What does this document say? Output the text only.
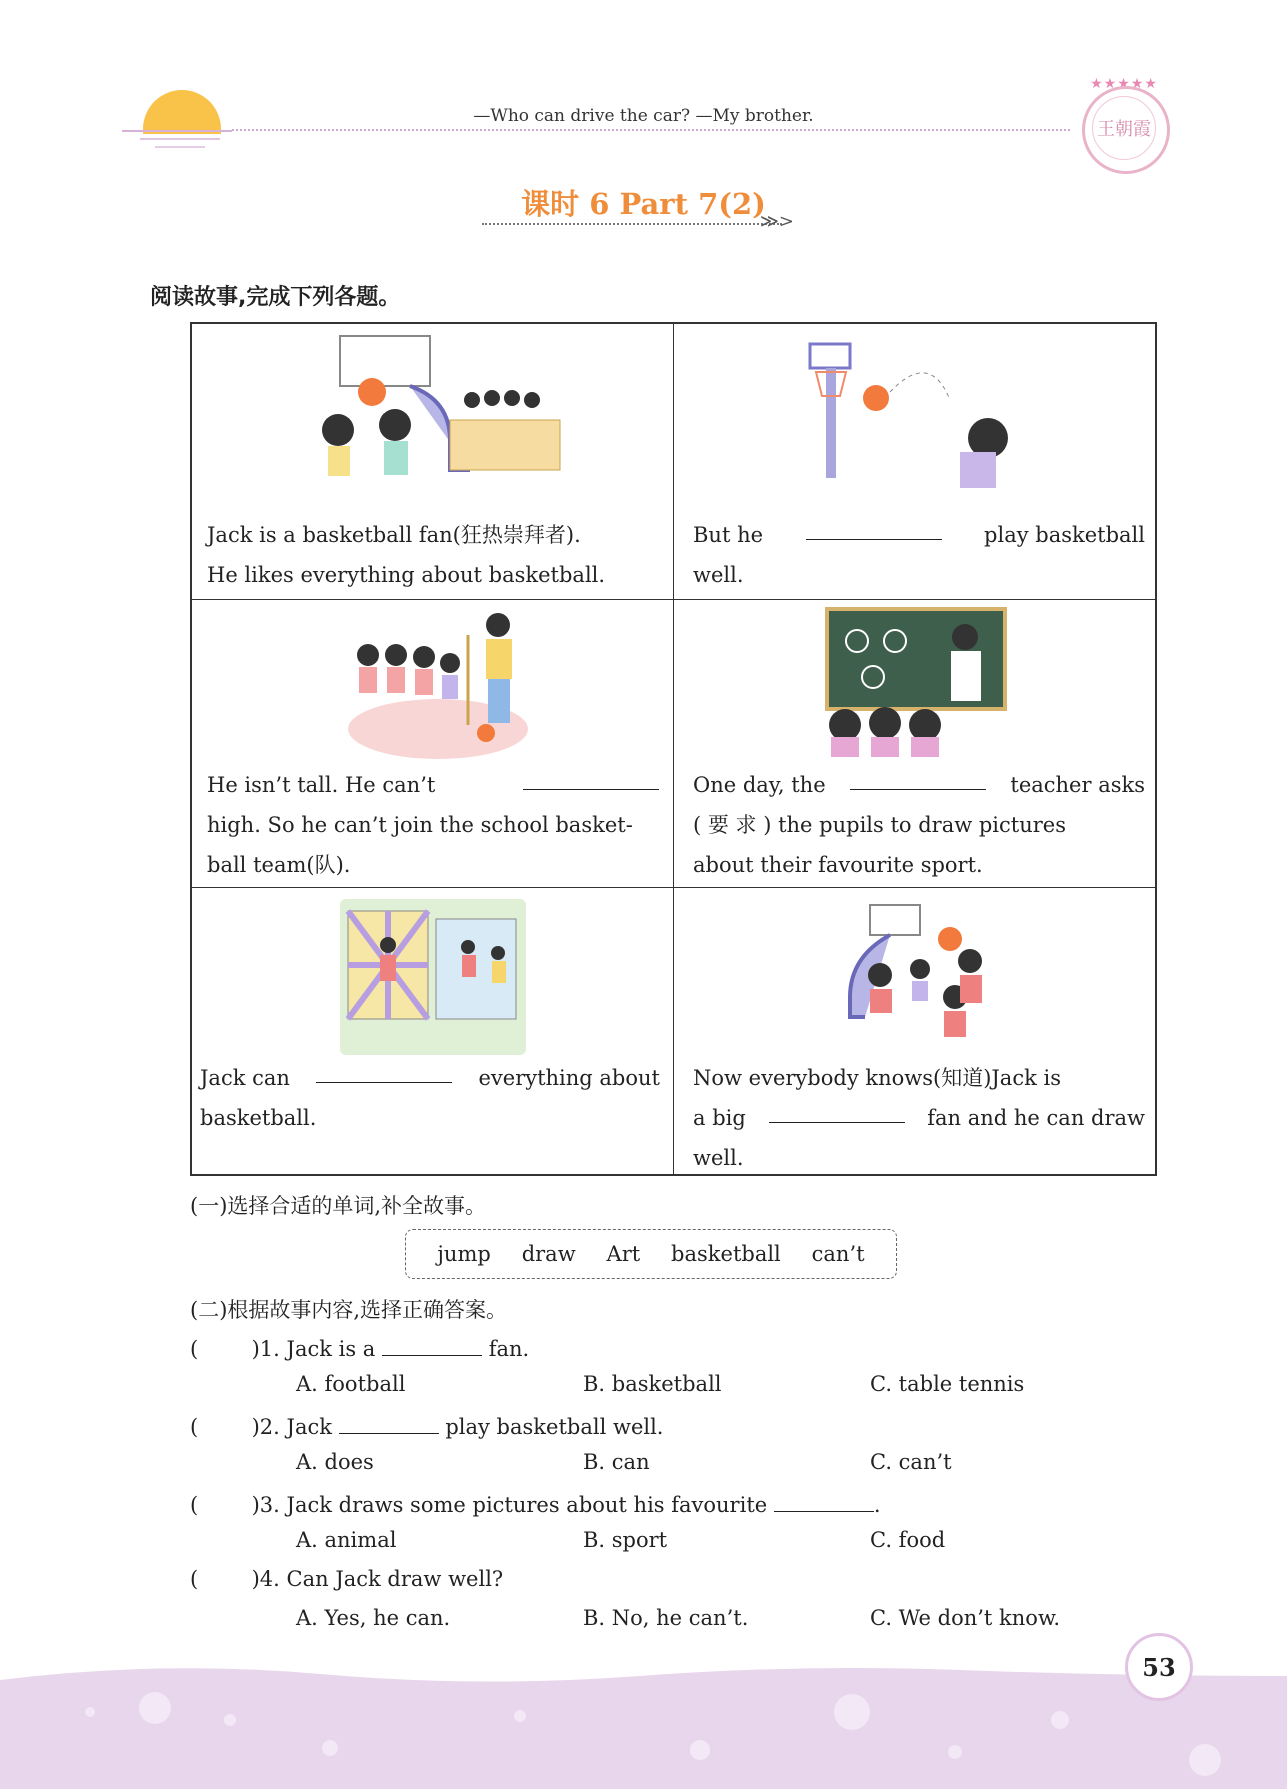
—Who can drive the car? —My brother.
★★★★★
王朝霞
课时 6 Part 7(2)
≫>
阅读故事,完成下列各题。
Jack is a basketball fan(狂热崇拜者).
He likes everything about basketball.
But he	play basketball
well.
He isn’t tall. He can’t
high. So he can’t join the school basket-
ball team(队).
One day, the	teacher asks
( 要 求 ) the pupils to draw pictures
about their favourite sport.
Jack can	everything about
basketball.
Now everybody knows(知道)Jack is
a big	fan and he can draw
well.
(一)选择合适的单词,补全故事。
jump draw Art basketball can’t
(二)根据故事内容,选择正确答案。
(        )1. Jack is a	fan.
A. football	B. basketball	C. table tennis
(        )2. Jack	play basketball well.
A. does	B. can	C. can’t
(        )3. Jack draws some pictures about his favourite	.
A. animal	B. sport	C. food
(        )4. Can Jack draw well?
A. Yes, he can.	B. No, he can’t.	C. We don’t know.
53
